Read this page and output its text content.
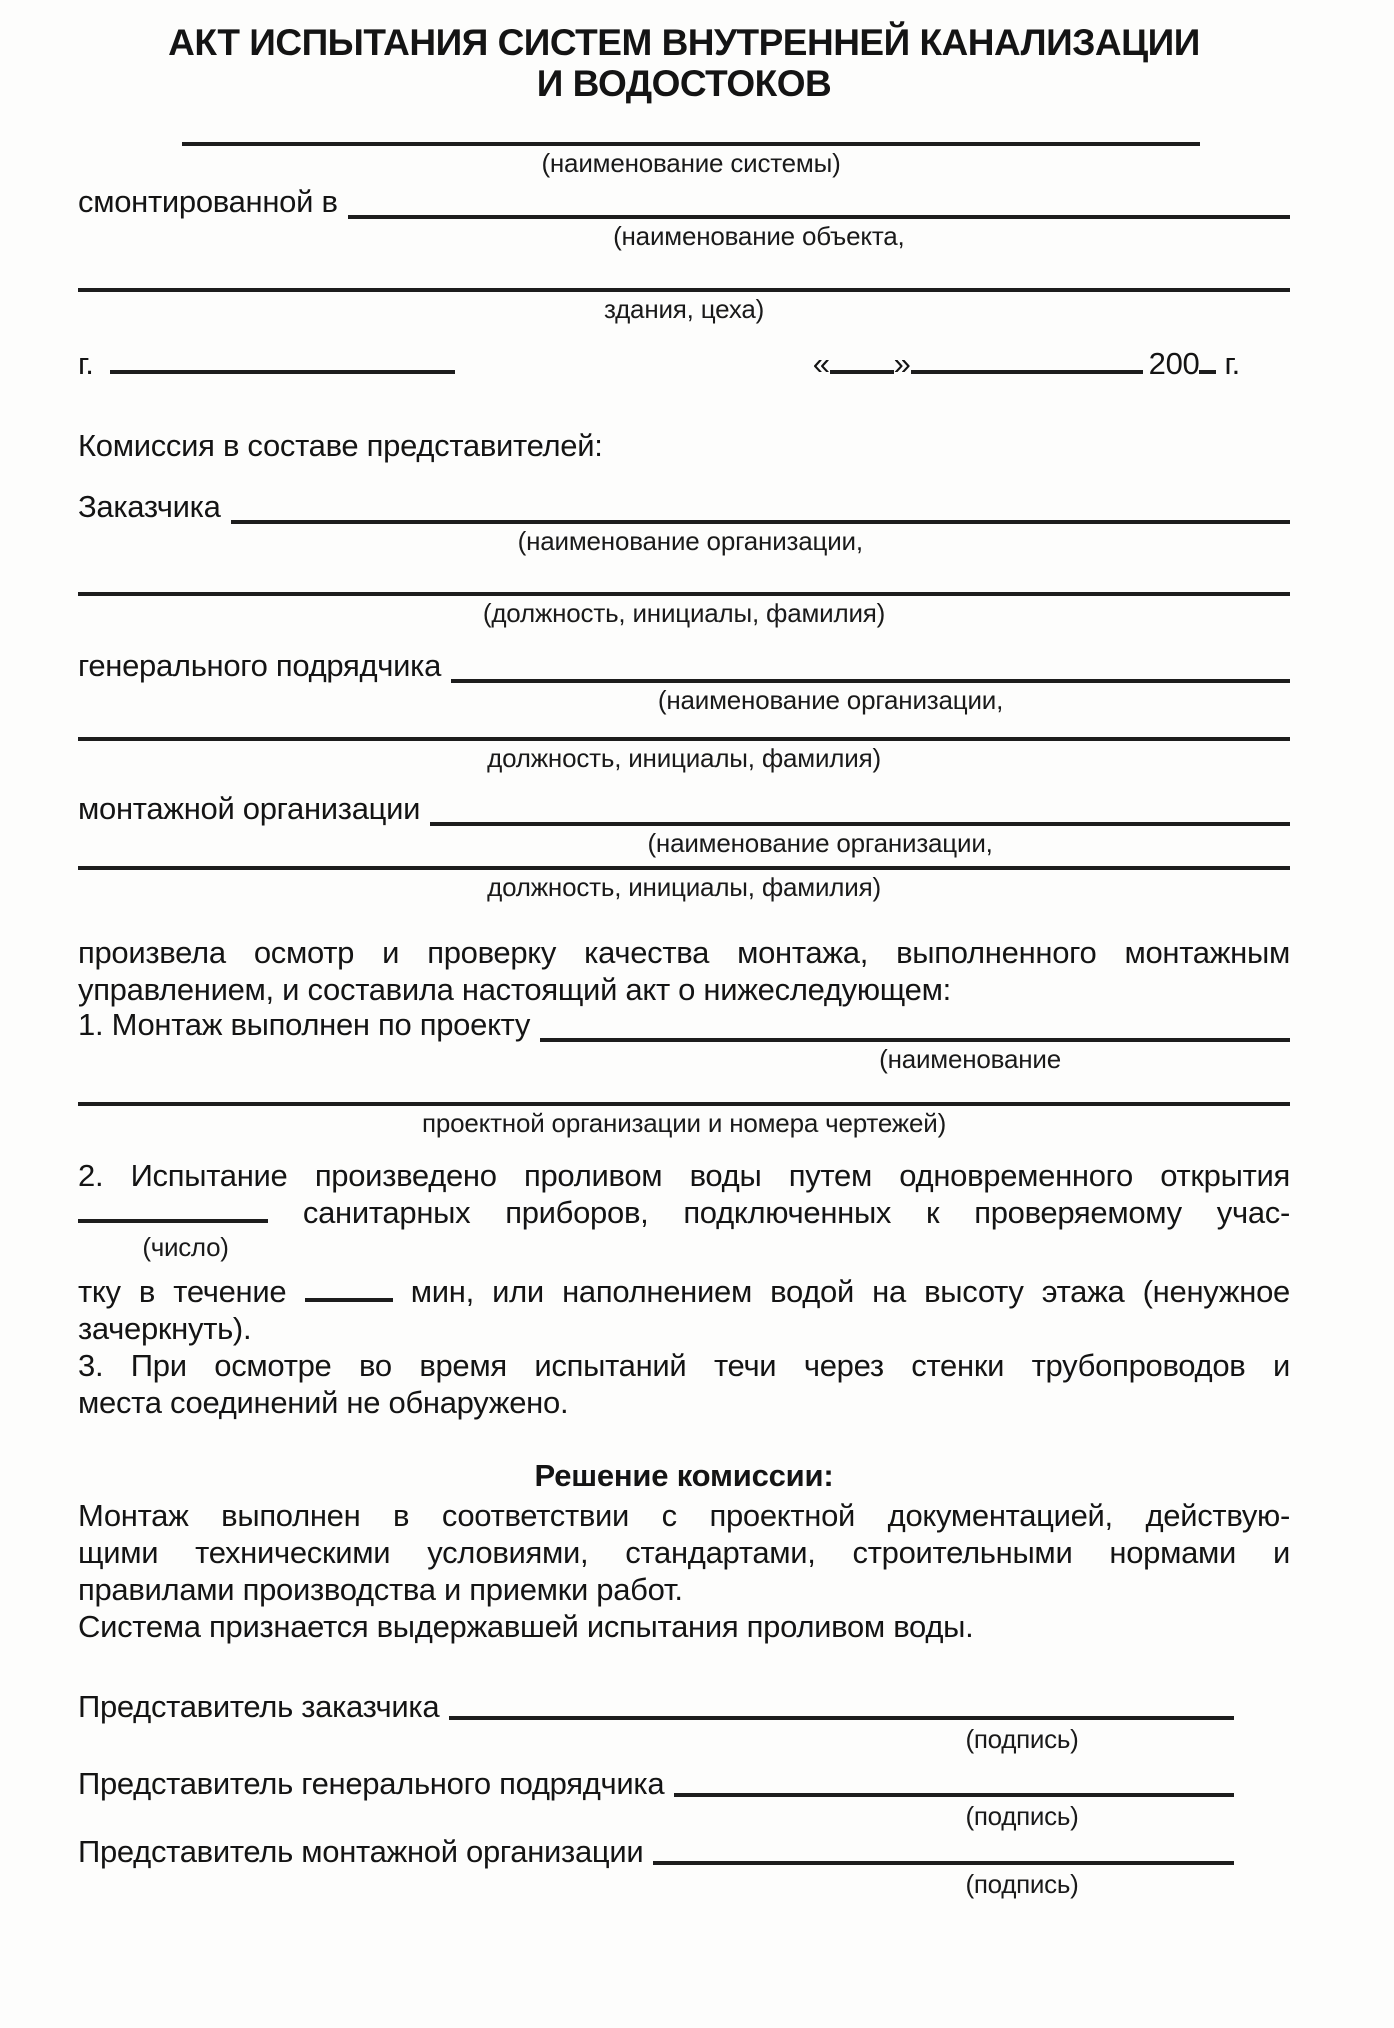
АКТ ИСПЫТАНИЯ СИСТЕМ ВНУТРЕННЕЙ КАНАЛИЗАЦИИ
И ВОДОСТОКОВ
(наименование системы)
смонтированной в
(наименование объекта,
здания, цеха)
г.	« »	200 г.

Комиссия в составе представителей:

Заказчика
(наименование организации,
(должность, инициалы, фамилия)
генерального подрядчика
(наименование организации,
должность, инициалы, фамилия)
монтажной организации
(наименование организации,
должность, инициалы, фамилия)
произвела осмотр и проверку качества монтажа, выполненного монтажным
управлением, и составила настоящий акт о нижеследующем:
1. Монтаж выполнен по проекту
(наименование
проектной организации и номера чертежей)
2. Испытание произведено проливом воды путем одновременного открытия
санитарных приборов, подключенных к проверяемому учас-
(число)
тку в течение	мин, или наполнением водой на высоту этажа (ненужное
зачеркнуть).
3. При осмотре во время испытаний течи через стенки трубопроводов и
места соединений не обнаружено.
Решение комиссии:
Монтаж выполнен в соответствии с проектной документацией, действую-
щими техническими условиями, стандартами, строительными нормами и
правилами производства и приемки работ.
Система признается выдержавшей испытания проливом воды.
Представитель заказчика
(подпись)
Представитель генерального подрядчика
(подпись)
Представитель монтажной организации
(подпись)
